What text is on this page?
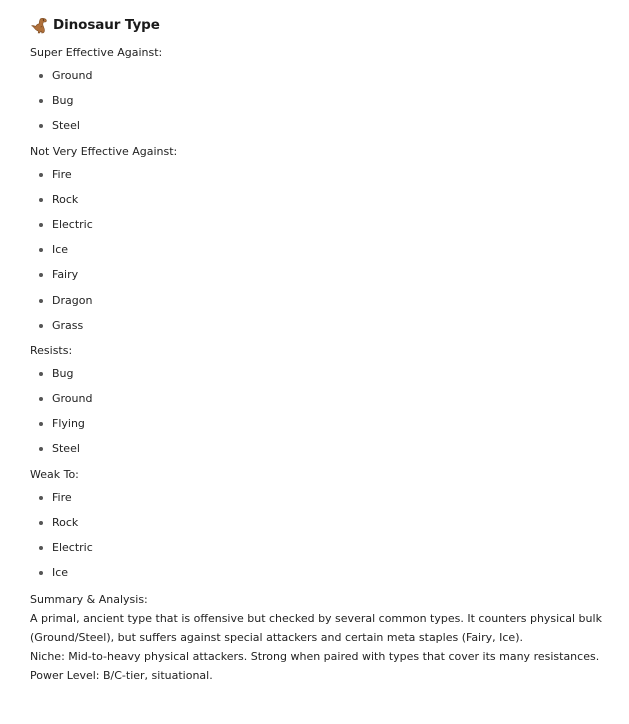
Dinosaur Type

Super Effective Against:

Ground
Bug
Steel

Not Very Effective Against:

Fire
Rock
Electric
Ice
Fairy
Dragon
Grass

Resists:

Bug
Ground
Flying
Steel

Weak To:

Fire
Rock
Electric
Ice

Summary & Analysis:

A primal, ancient type that is offensive but checked by several common types. It counters physical bulk

(Ground/Steel), but suffers against special attackers and certain meta staples (Fairy, Ice).

Niche: Mid-to-heavy physical attackers. Strong when paired with types that cover its many resistances.

Power Level: B/C-tier, situational.
